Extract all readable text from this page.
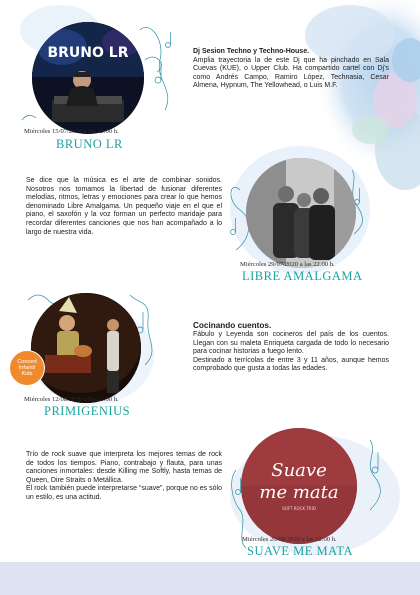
BRUNO LR
Miércoles 15/07/2020 a las 22.00 h.
BRUNO LR

Dj Sesion Techno y Techno-House.

Amplia trayectoria la de este Dj que ha pinchado en Sala Cuevas (KUE), o Upper Club. Ha compartido cartel con Dj’s como Andrés Campo, Ramiro López, Technasia, Cesar Almena, Hypnum, The Yellowhead, o Luis M.F.

Se dice que la música es el arte de combinar sonidos. Nosotros nos tomamos la libertad de fusionar diferentes melodías, ritmos, letras y emociones para crear lo que hemos denominado Libre Amalgama. Un pequeño viaje en el que el piano, el saxofón y la voz forman un perfecto maridaje para recordar diferentes canciones que nos han acompañado a lo largo de nuestra vida.

Miércoles 29/07/2020 a las 22.00 h.
LIBRE AMALGAMA
Concert
Infantil
Kids
Miércoles 12/08/2020 a las 21.00 h.
PRIMIGENIUS

Cocinando cuentos.

Fábulo y Leyenda son cocineros del país de los cuentos. Llegan con su maleta Enriqueta cargada de todo lo necesario para cocinar historias a fuego lento.

Destinado a terrícolas de entre 3 y 11 años, aunque hemos comprobado que gusta a todas las edades.

Trío de rock suave que interpreta los mejores temas de rock de todos los tiempos. Piano, contrabajo y flauta, para unas canciones inmortales: desde Killing me Softly, hasta temas de Queen, Dire Straits o Metállica.

El rock también puede interpretarse “suave”, porque no es sólo un estilo, es una actitud.

Suave
me mata
SOFT ROCK TRIO
Miércoles 26/08/2020 a las 22.00 h.
SUAVE ME MATA
